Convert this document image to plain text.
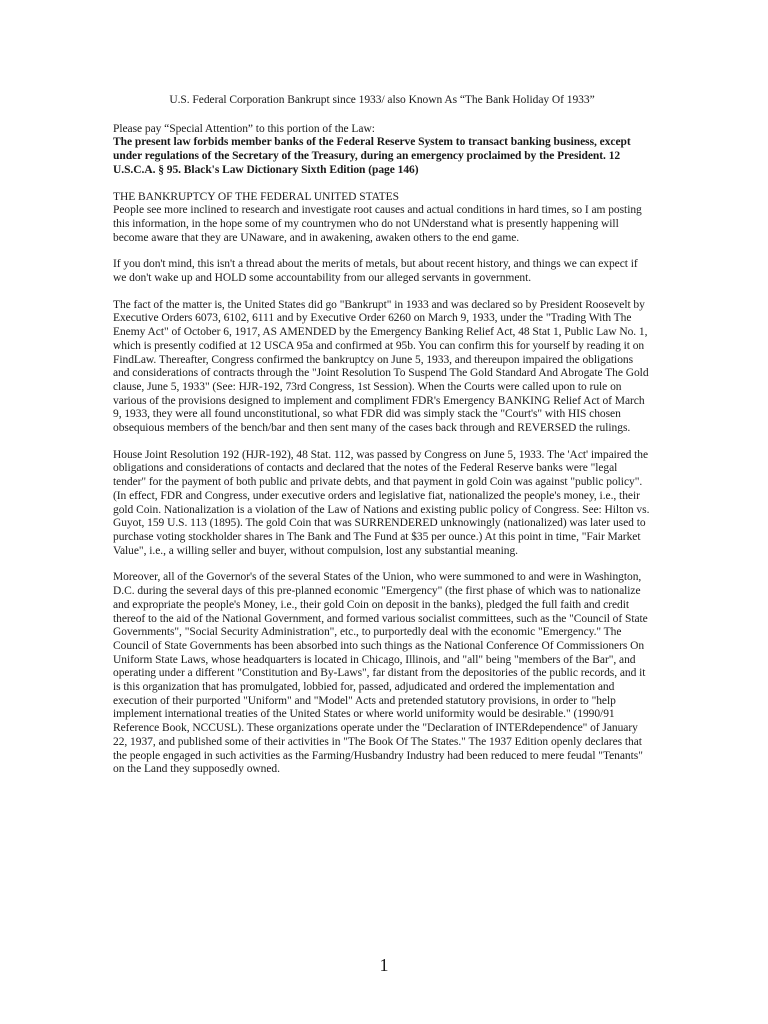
U.S. Federal Corporation Bankrupt since 1933/ also Known As “The Bank Holiday Of 1933”

Please pay “Special Attention” to this portion of the Law:

The present law forbids member banks of the Federal Reserve System to transact banking business, except under regulations of the Secretary of the Treasury, during an emergency proclaimed by the President. 12 U.S.C.A. § 95. Black's Law Dictionary Sixth Edition (page 146)

THE BANKRUPTCY OF THE FEDERAL UNITED STATES

People see more inclined to research and investigate root causes and actual conditions in hard times, so I am posting this information, in the hope some of my countrymen who do not UNderstand what is presently happening will become aware that they are UNaware, and in awakening, awaken others to the end game.

If you don't mind, this isn't a thread about the merits of metals, but about recent history, and things we can expect if we don't wake up and HOLD some accountability from our alleged servants in government.

The fact of the matter is, the United States did go "Bankrupt" in 1933 and was declared so by President Roosevelt by Executive Orders 6073, 6102, 6111 and by Executive Order 6260 on March 9, 1933, under the "Trading With The Enemy Act" of October 6, 1917, AS AMENDED by the Emergency Banking Relief Act, 48 Stat 1, Public Law No. 1, which is presently codified at 12 USCA 95a and confirmed at 95b. You can confirm this for yourself by reading it on FindLaw. Thereafter, Congress confirmed the bankruptcy on June 5, 1933, and thereupon impaired the obligations and considerations of contracts through the "Joint Resolution To Suspend The Gold Standard And Abrogate The Gold clause, June 5, 1933" (See: HJR-192, 73rd Congress, 1st Session). When the Courts were called upon to rule on various of the provisions designed to implement and compliment FDR's Emergency BANKING Relief Act of March 9, 1933, they were all found unconstitutional, so what FDR did was simply stack the "Court's" with HIS chosen obsequious members of the bench/bar and then sent many of the cases back through and REVERSED the rulings.

House Joint Resolution 192 (HJR-192), 48 Stat. 112, was passed by Congress on June 5, 1933. The 'Act' impaired the obligations and considerations of contacts and declared that the notes of the Federal Reserve banks were "legal tender" for the payment of both public and private debts, and that payment in gold Coin was against "public policy". (In effect, FDR and Congress, under executive orders and legislative fiat, nationalized the people's money, i.e., their gold Coin. Nationalization is a violation of the Law of Nations and existing public policy of Congress. See: Hilton vs. Guyot, 159 U.S. 113 (1895). The gold Coin that was SURRENDERED unknowingly (nationalized) was later used to purchase voting stockholder shares in The Bank and The Fund at $35 per ounce.) At this point in time, "Fair Market Value", i.e., a willing seller and buyer, without compulsion, lost any substantial meaning.

Moreover, all of the Governor's of the several States of the Union, who were summoned to and were in Washington, D.C. during the several days of this pre-planned economic "Emergency" (the first phase of which was to nationalize and expropriate the people's Money, i.e., their gold Coin on deposit in the banks), pledged the full faith and credit thereof to the aid of the National Government, and formed various socialist committees, such as the "Council of State Governments", "Social Security Administration", etc., to purportedly deal with the economic "Emergency." The Council of State Governments has been absorbed into such things as the National Conference Of Commissioners On Uniform State Laws, whose headquarters is located in Chicago, Illinois, and "all" being "members of the Bar", and operating under a different "Constitution and By-Laws", far distant from the depositories of the public records, and it is this organization that has promulgated, lobbied for, passed, adjudicated and ordered the implementation and execution of their purported "Uniform" and "Model" Acts and pretended statutory provisions, in order to "help implement international treaties of the United States or where world uniformity would be desirable." (1990/91 Reference Book, NCCUSL). These organizations operate under the "Declaration of INTERdependence" of January 22, 1937, and published some of their activities in "The Book Of The States." The 1937 Edition openly declares that the people engaged in such activities as the Farming/Husbandry Industry had been reduced to mere feudal "Tenants" on the Land they supposedly owned.

1
